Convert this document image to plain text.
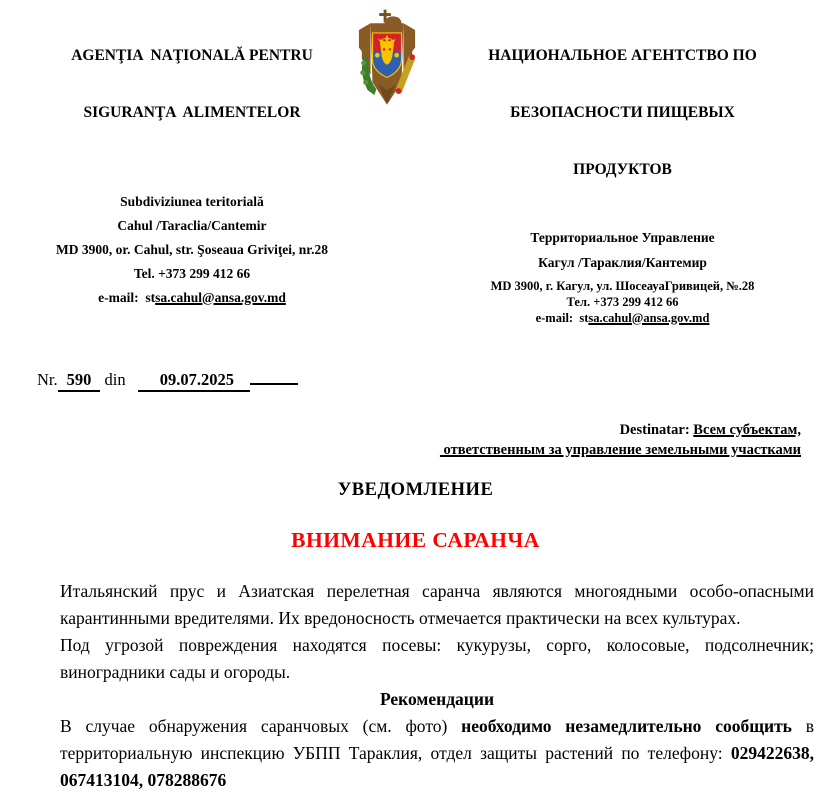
AGENŢIA  NAŢIONALĂ PENTRU

SIGURANŢA  ALIMENTELOR

Subdiviziunea teritorială
Cahul /Taraclia/Cantemir
MD 3900, or. Cahul, str. Şoseaua Griviţei, nr.28
Tel. +373 299 412 66
e-mail:  stsa.cahul@ansa.gov.md

НАЦИОНАЛЬНОЕ АГЕНТСТВО ПО

БЕЗОПАСНОСТИ ПИЩЕВЫХ

ПРОДУКТОВ

Территориальное Управление
Кагул /Тараклия/Кантемир
MD 3900, г. Кагул, ул. ШосеауаГривицей, №.28
Тел. +373 299 412 66
e-mail:  stsa.cahul@ansa.gov.md
Nr. 590 din 09.07.2025
Destinatar: Всем субъектам,
ответственным за управление земельными участками
УВЕДОМЛЕНИЕ
ВНИМАНИЕ САРАНЧА

Итальянский прус и Азиатская перелетная саранча являются многоядными особо-опасными карантинными вредителями. Их вредоносность отмечается практически на всех культурах.

Под угрозой повреждения находятся посевы: кукурузы, сорго, колосовые, подсолнечник; виноградники сады и огороды.

Рекомендации

В случае обнаружения саранчовых (см. фото) необходимо незамедлительно сообщить в территориальную инспекцию УБПП Тараклия, отдел защиты растений по телефону: 029422638, 067413104, 078288676
